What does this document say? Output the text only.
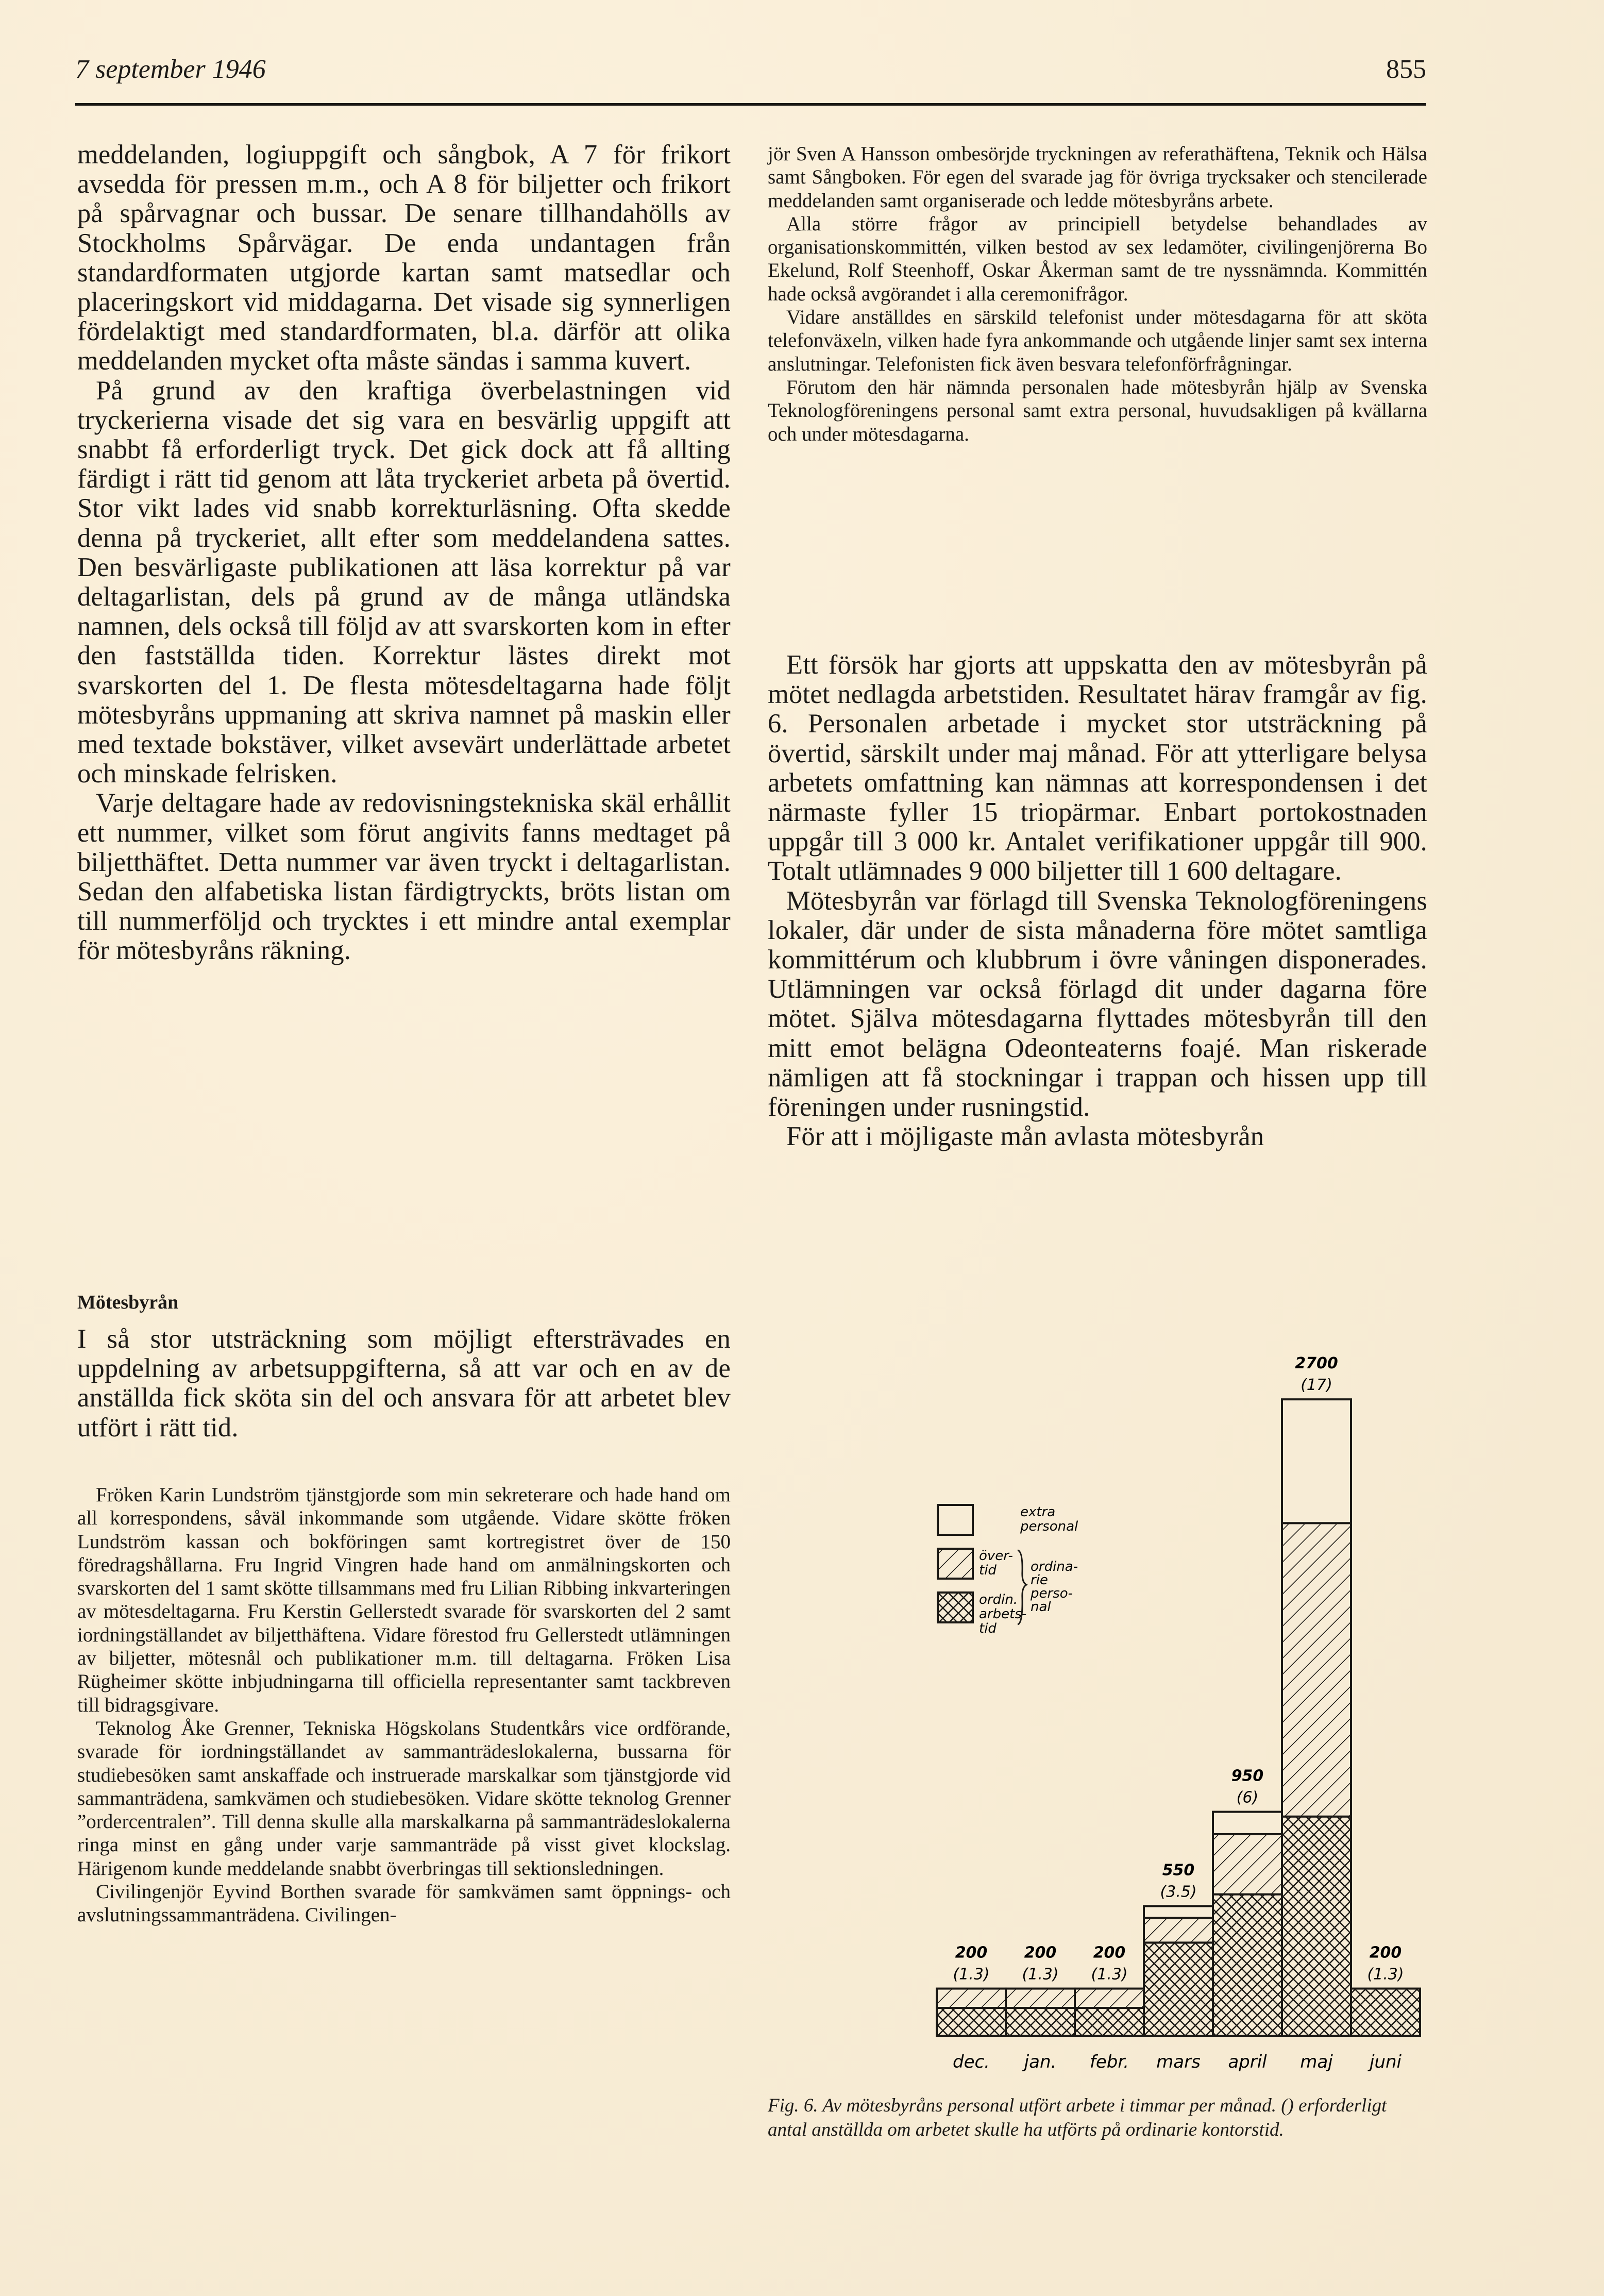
7 september 1946	855

meddelanden, logiuppgift och sångbok, A 7 för frikort avsedda för pressen m.m., och A 8 för biljetter och frikort på spårvagnar och bussar. De senare tillhandahölls av Stockholms Spårvägar. De enda undantagen från standardformaten utgjorde kartan samt matsedlar och placeringskort vid middagarna. Det visade sig synnerligen fördelaktigt med standardformaten, bl.a. därför att olika meddelanden mycket ofta måste sändas i samma kuvert.

På grund av den kraftiga överbelastningen vid tryckerierna visade det sig vara en besvärlig uppgift att snabbt få erforderligt tryck. Det gick dock att få allting färdigt i rätt tid genom att låta tryckeriet arbeta på övertid. Stor vikt lades vid snabb korrekturläsning. Ofta skedde denna på tryckeriet, allt efter som meddelandena sattes. Den besvärligaste publikationen att läsa korrektur på var deltagarlistan, dels på grund av de många utländska namnen, dels också till följd av att svarskorten kom in efter den fastställda tiden. Korrektur lästes direkt mot svarskorten del 1. De flesta mötesdeltagarna hade följt mötesbyråns uppmaning att skriva namnet på maskin eller med textade bokstäver, vilket avsevärt underlättade arbetet och minskade felrisken.

Varje deltagare hade av redovisningstekniska skäl erhållit ett nummer, vilket som förut angivits fanns medtaget på biljetthäftet. Detta nummer var även tryckt i deltagarlistan. Sedan den alfabetiska listan färdigtryckts, bröts listan om till nummerföljd och trycktes i ett mindre antal exemplar för mötesbyråns räkning.

Mötesbyrån

I så stor utsträckning som möjligt eftersträvades en uppdelning av arbetsuppgifterna, så att var och en av de anställda fick sköta sin del och ansvara för att arbetet blev utfört i rätt tid.

Fröken Karin Lundström tjänstgjorde som min sekreterare och hade hand om all korrespondens, såväl inkommande som utgående. Vidare skötte fröken Lundström kassan och bokföringen samt kortregistret över de 150 föredragshållarna. Fru Ingrid Vingren hade hand om anmälningskorten och svarskorten del 1 samt skötte tillsammans med fru Lilian Ribbing inkvarteringen av mötesdeltagarna. Fru Kerstin Gellerstedt svarade för svarskorten del 2 samt iordningställandet av biljetthäftena. Vidare förestod fru Gellerstedt utlämningen av biljetter, mötesnål och publikationer m.m. till deltagarna. Fröken Lisa Rügheimer skötte inbjudningarna till officiella representanter samt tackbreven till bidragsgivare.

Teknolog Åke Grenner, Tekniska Högskolans Studentkårs vice ordförande, svarade för iordningställandet av sammanträdeslokalerna, bussarna för studiebesöken samt anskaffade och instruerade marskalkar som tjänstgjorde vid sammanträdena, samkvämen och studiebesöken. Vidare skötte teknolog Grenner ”ordercentralen”. Till denna skulle alla marskalkarna på sammanträdeslokalerna ringa minst en gång under varje sammanträde på visst givet klockslag. Härigenom kunde meddelande snabbt överbringas till sektionsledningen.

Civilingenjör Eyvind Borthen svarade för samkvämen samt öppnings- och avslutningssammanträdena. Civilingen-

jör Sven A Hansson ombesörjde tryckningen av referathäftena, Teknik och Hälsa samt Sångboken. För egen del svarade jag för övriga trycksaker och stencilerade meddelanden samt organiserade och ledde mötesbyråns arbete.

Alla större frågor av principiell betydelse behandlades av organisationskommittén, vilken bestod av sex ledamöter, civilingenjörerna Bo Ekelund, Rolf Steenhoff, Oskar Åkerman samt de tre nyssnämnda. Kommittén hade också avgörandet i alla ceremonifrågor.

Vidare anställdes en särskild telefonist under mötesdagarna för att sköta telefonväxeln, vilken hade fyra ankommande och utgående linjer samt sex interna anslutningar. Telefonisten fick även besvara telefonförfrågningar.

Förutom den här nämnda personalen hade mötesbyrån hjälp av Svenska Teknologföreningens personal samt extra personal, huvudsakligen på kvällarna och under mötesdagarna.

Ett försök har gjorts att uppskatta den av mötesbyrån på mötet nedlagda arbetstiden. Resultatet härav framgår av fig. 6. Personalen arbetade i mycket stor utsträckning på övertid, särskilt under maj månad. För att ytterligare belysa arbetets omfattning kan nämnas att korrespondensen i det närmaste fyller 15 triopärmar. Enbart portokostnaden uppgår till 3 000 kr. Antalet verifikationer uppgår till 900. Totalt utlämnades 9 000 biljetter till 1 600 deltagare.

Mötesbyrån var förlagd till Svenska Teknologföreningens lokaler, där under de sista månaderna före mötet samtliga kommittérum och klubbrum i övre våningen disponerades. Utlämningen var också förlagd dit under dagarna före mötet. Själva mötesdagarna flyttades mötesbyrån till den mitt emot belägna Odeonteaterns foajé. Man riskerade nämligen att få stockningar i trappan och hissen upp till föreningen under rusningstid.

För att i möjligaste mån avlasta mötesbyrån

200
(1.3)
200
(1.3)
200
(1.3)
550
(3.5)
950
(6)
2700
(17)
200
(1.3)
dec. jan. febr. mars april maj juni
extra
personal
över-
tid
ordin.
arbets-
tid
ordina-
rie
perso-
nal
Fig. 6. Av mötesbyråns personal utfört arbete i timmar per månad. () erforderligt antal anställda om arbetet skulle ha utförts på ordinarie kontorstid.
